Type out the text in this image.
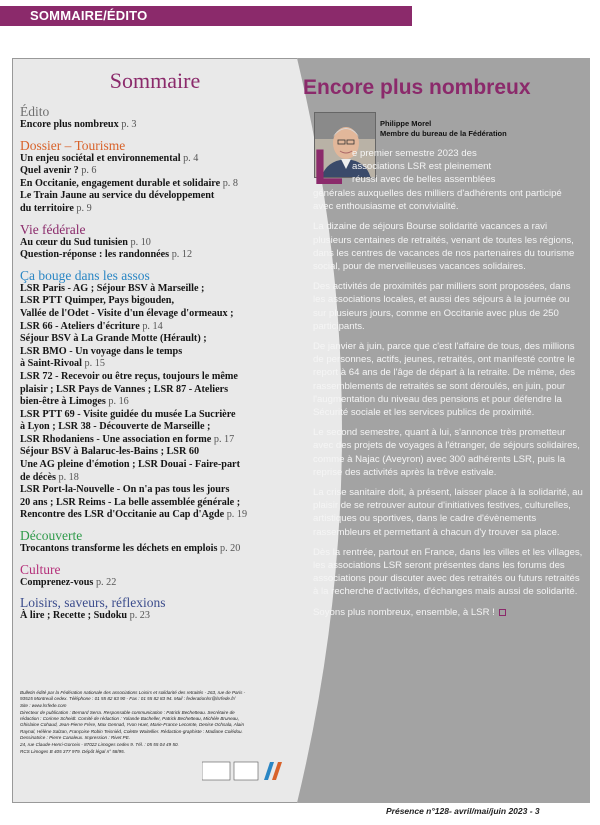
SOMMAIRE/ÉDITO
Sommaire
Édito
Encore plus nombreux p. 3
Dossier – Tourisme
Un enjeu sociétal et environnemental p. 4
Quel avenir ? p. 6
En Occitanie, engagement durable et solidaire p. 8
Le Train Jaune au service du développement
du territoire p. 9
Vie fédérale
Au cœur du Sud tunisien p. 10
Question-réponse : les randonnées p. 12
Ça bouge dans les assos
LSR Paris - AG ; Séjour BSV à Marseille ;
LSR PTT Quimper, Pays bigouden,
Vallée de l'Odet - Visite d'un élevage d'ormeaux ;
LSR 66 - Ateliers d'écriture p. 14
Séjour BSV à La Grande Motte (Hérault) ;
LSR BMO - Un voyage dans le temps
à Saint-Rivoal p. 15
LSR 72 - Recevoir ou être reçus, toujours le même
plaisir ; LSR Pays de Vannes ; LSR 87 - Ateliers
bien-être à Limoges p. 16
LSR PTT 69 - Visite guidée du musée La Sucrière
à Lyon ; LSR 38 - Découverte de Marseille ;
LSR Rhodaniens - Une association en forme p. 17
Séjour BSV à Balaruc-les-Bains ; LSR 60
Une AG pleine d'émotion ; LSR Douai - Faire-part
de décès p. 18
LSR Port-la-Nouvelle - On n'a pas tous les jours
20 ans ; LSR Reims - La belle assemblée générale ;
Rencontre des LSR d'Occitanie au Cap d'Agde p. 19
Découverte
Trocantons transforme les déchets en emplois p. 20
Culture
Comprenez-vous p. 22
Loisirs, saveurs, réflexions
À lire ; Recette ; Sudoku p. 23

Bulletin édité par la Fédération nationale des associations Loisirs et solidarité des retraités - 263, rue de Paris - 93515 Montreuil cedex. Téléphone : 01 55 82 83 90 - Fax : 01 55 82 83 94. Mail : federationlsr@lsrfede.fr/

Site : www.lsrfede.com

Directeur de publication : Bernard Serra. Responsable communication : Patrick Bechetteau. Secrétaire de rédaction : Corinne Scheidt. Comité de rédaction : Yolande Bacheller, Patrick Bechetteau, Michèle Bruneau, Ghislaine Cohaud, Jean-Pierre Frère, Max Gennad, Yvon Huet, Marie-France Lecomte, Denise Ochsala, Alain Raynal, Hélène Salzan, Françoise Robin Teisniéd, Colette Woitellier. Rédaction-graphiste : Madiane Colédou. Dessinatrice : Pierre Canaleux. Impression : Rivet PE.

24, rue Claude-Henri-Gorceix - 87022 Limoges cedex 9. Tél. : 05 55 04 49 50.

RCS Limoges B 405 377 979. Dépôt légal n° 58/95.

Encore plus nombreux
Philippe Morel
Membre du bureau de la Fédération
L e premier semestre 2023 des
associations LSR est pleinement
réussi avec de belles assemblées

générales auxquelles des milliers d'adhérents ont participé avec enthousiasme et convivialité.

La dizaine de séjours Bourse solidarité vacances a ravi plusieurs centaines de retraités, venant de toutes les régions, dans les centres de vacances de nos partenaires du tourisme social, pour de merveilleuses vacances solidaires.

Des activités de proximités par milliers sont proposées, dans les associations locales, et aussi des séjours à la journée ou sur plusieurs jours, comme en Occitanie avec plus de 250 participants.

De janvier à juin, parce que c'est l'affaire de tous, des millions de personnes, actifs, jeunes, retraités, ont manifesté contre le report à 64 ans de l'âge de départ à la retraite. De même, des rassemblements de retraités se sont déroulés, en juin, pour l'augmentation du niveau des pensions et pour défendre la Sécurité sociale et les services publics de proximité.

Le second semestre, quant à lui, s'annonce très prometteur avec des projets de voyages à l'étranger, de séjours solidaires, comme à Najac (Aveyron) avec 300 adhérents LSR, puis la reprise des activités après la trêve estivale.

La crise sanitaire doit, à présent, laisser place à la solidarité, au plaisir de se retrouver autour d'initiatives festives, culturelles, artistiques ou sportives, dans le cadre d'évènements rassembleurs et permettant à chacun d'y trouver sa place.

Dès la rentrée, partout en France, dans les villes et les villages, les associations LSR seront présentes dans les forums des associations pour discuter avec des retraités ou futurs retraités à la recherche d'activités, d'échanges mais aussi de solidarité.

Soyons plus nombreux, ensemble, à LSR !

Présence n°128- avril/mai/juin 2023 - 3
